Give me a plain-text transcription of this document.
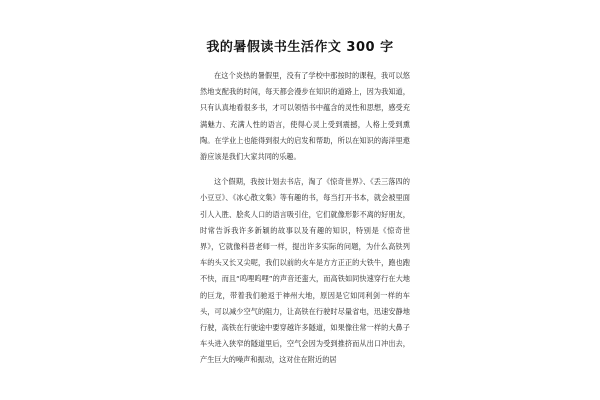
我的暑假读书生活作文 300 字

在这个炎热的暑假里，没有了学校中那按时的课程，我可以悠然地支配我的时间，每天都会漫步在知识的道路上，因为我知道，只有认真地看很多书，才可以领悟书中蕴含的灵性和思想，感受充满魅力、充满人性的语言，使得心灵上受到震撼，人格上受到熏陶。在学业上也能得到很大的启发和帮助，所以在知识的海洋里遨游应该是我们大家共同的乐趣。

这个假期，我按计划去书店，淘了《惊奇世界》、《丢三落四的小豆豆》、《冰心散文集》等有趣的书，每当打开书本，就会被里面引人入胜、脍炙人口的语言吸引住，它们就像形影不离的好朋友，时常告诉我许多新颖的故事以及有趣的知识，特别是《惊奇世界》，它就像科普老师一样，提出许多实际的问题，为什么高铁列车的头又长又尖呢，我们以前的火车是方方正正的大铁牛，跑也跑不快，而且“呜哩呜哩”的声音还蛮大，而高铁如同快速穿行在大地的巨龙，带着我们驰返于神州大地，原因是它如同利剑一样的车头，可以减少空气的阻力，让高铁在行驶时尽量省电，迅速安静地行驶，高铁在行驶途中要穿越许多隧道，如果像往常一样的大鼻子车头进入狭窄的隧道里后，空气会因为受到推挤而从出口冲出去，产生巨大的噪声和振动，这对住在附近的居
